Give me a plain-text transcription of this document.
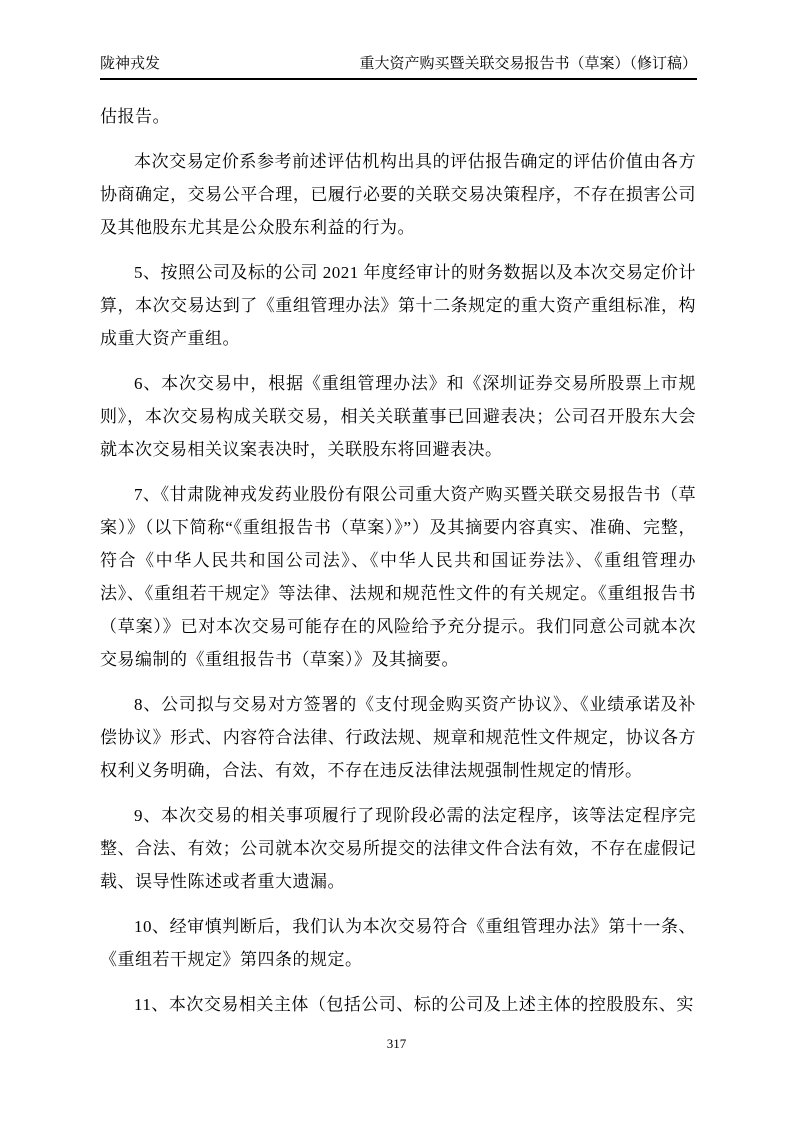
陇神戎发	重大资产购买暨关联交易报告书（草案）（修订稿）

估报告。

本次交易定价系参考前述评估机构出具的评估报告确定的评估价值由各方协商确定，交易公平合理，已履行必要的关联交易决策程序，不存在损害公司及其他股东尤其是公众股东利益的行为。

5、按照公司及标的公司 2021 年度经审计的财务数据以及本次交易定价计算，本次交易达到了《重组管理办法》第十二条规定的重大资产重组标准，构成重大资产重组。

6、本次交易中，根据《重组管理办法》和《深圳证券交易所股票上市规则》，本次交易构成关联交易，相关关联董事已回避表决；公司召开股东大会就本次交易相关议案表决时，关联股东将回避表决。

7、《甘肃陇神戎发药业股份有限公司重大资产购买暨关联交易报告书（草案）》（以下简称“《重组报告书（草案）》”）及其摘要内容真实、准确、完整，符合《中华人民共和国公司法》、《中华人民共和国证券法》、《重组管理办法》、《重组若干规定》等法律、法规和规范性文件的有关规定。《重组报告书（草案）》已对本次交易可能存在的风险给予充分提示。我们同意公司就本次交易编制的《重组报告书（草案）》及其摘要。

8、公司拟与交易对方签署的《支付现金购买资产协议》、《业绩承诺及补偿协议》形式、内容符合法律、行政法规、规章和规范性文件规定，协议各方权利义务明确，合法、有效，不存在违反法律法规强制性规定的情形。

9、本次交易的相关事项履行了现阶段必需的法定程序，该等法定程序完整、合法、有效；公司就本次交易所提交的法律文件合法有效，不存在虚假记载、误导性陈述或者重大遗漏。

10、经审慎判断后，我们认为本次交易符合《重组管理办法》第十一条、《重组若干规定》第四条的规定。

11、本次交易相关主体（包括公司、标的公司及上述主体的控股股东、实

317
